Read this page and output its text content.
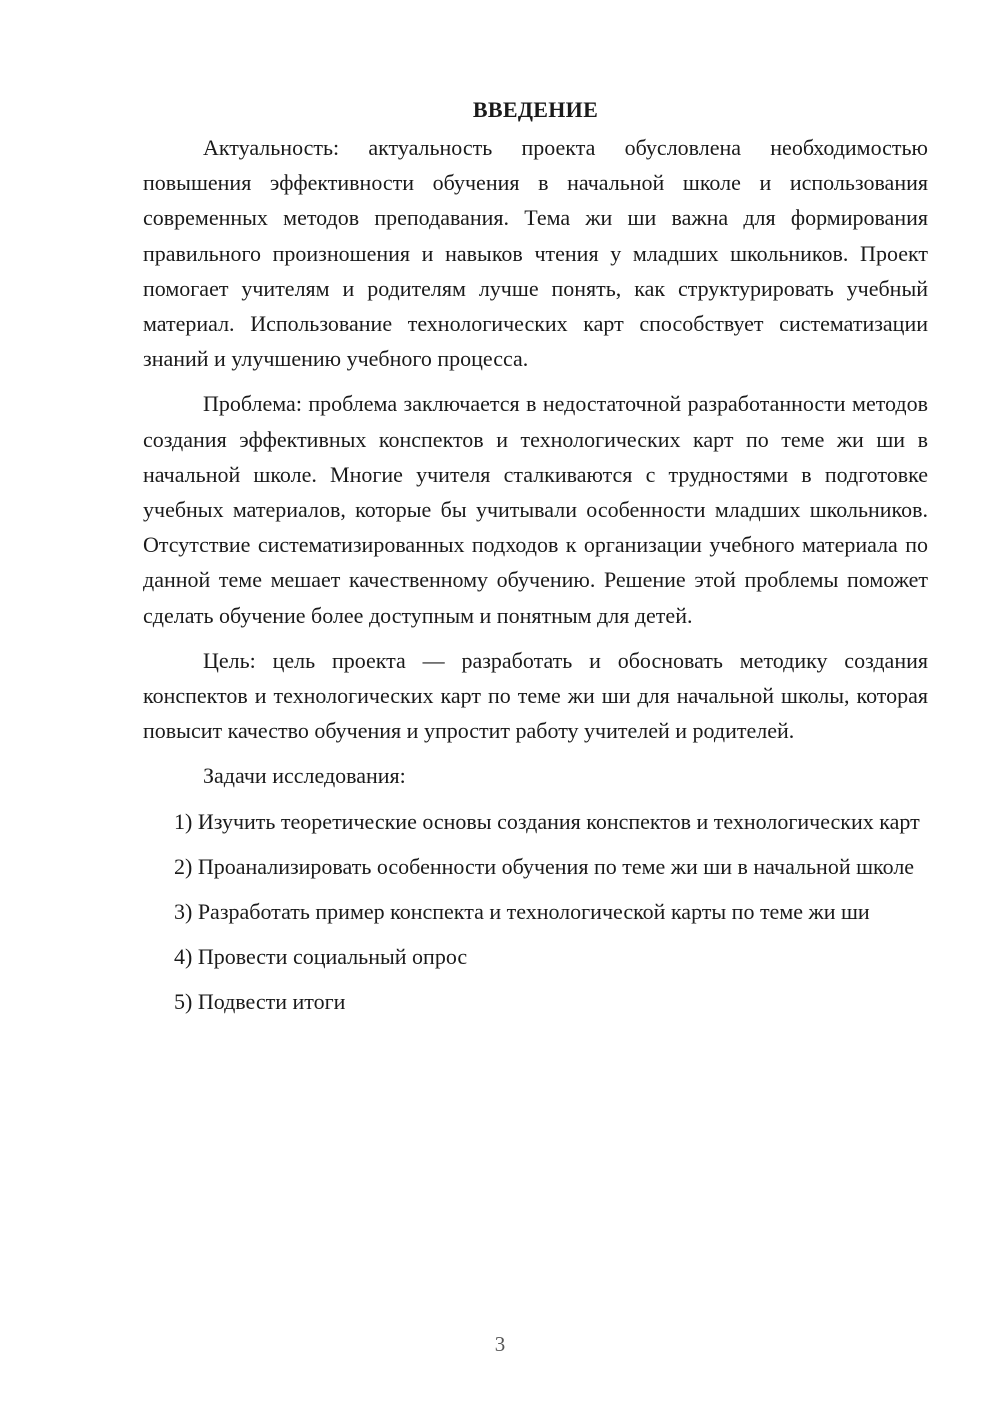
ВВЕДЕНИЕ

Актуальность: актуальность проекта обусловлена необходимостью повышения эффективности обучения в начальной школе и использования современных методов преподавания. Тема жи ши важна для формирования правильного произношения и навыков чтения у младших школьников. Проект помогает учителям и родителям лучше понять, как структурировать учебный материал. Использование технологических карт способствует систематизации знаний и улучшению учебного процесса.

Проблема: проблема заключается в недостаточной разработанности методов создания эффективных конспектов и технологических карт по теме жи ши в начальной школе. Многие учителя сталкиваются с трудностями в подготовке учебных материалов, которые бы учитывали особенности младших школьников. Отсутствие систематизированных подходов к организации учебного материала по данной теме мешает качественному обучению. Решение этой проблемы поможет сделать обучение более доступным и понятным для детей.

Цель: цель проекта — разработать и обосновать методику создания конспектов и технологических карт по теме жи ши для начальной школы, которая повысит качество обучения и упростит работу учителей и родителей.

Задачи исследования:

1) Изучить теоретические основы создания конспектов и технологических карт

2) Проанализировать особенности обучения по теме жи ши в начальной школе

3) Разработать пример конспекта и технологической карты по теме жи ши

4) Провести социальный опрос

5) Подвести итоги

3
